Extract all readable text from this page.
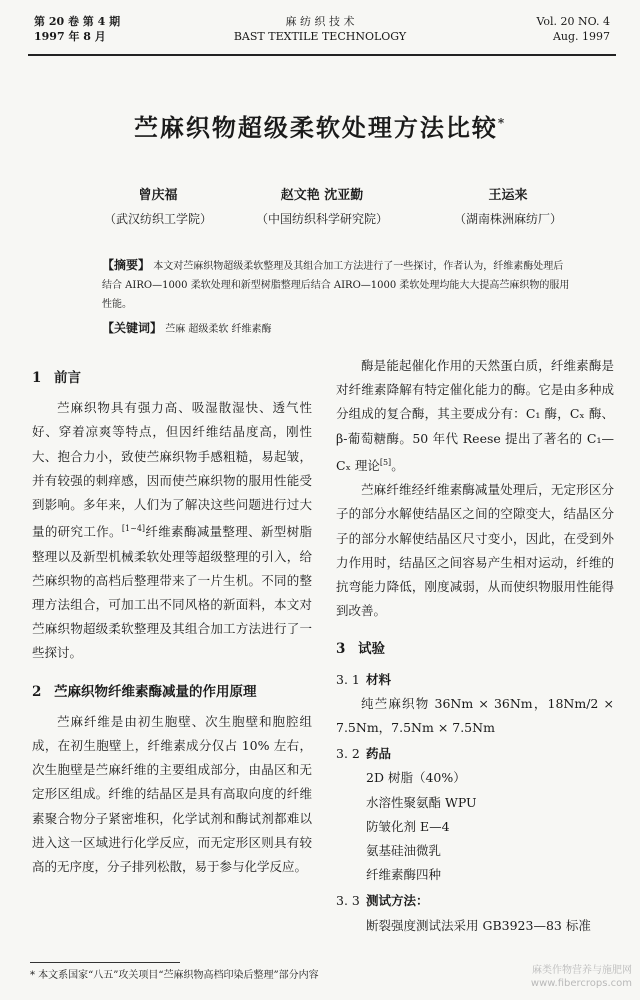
第 20 卷 第 4 期
1997 年 8 月
麻 纺 织 技 术
BAST TEXTILE TECHNOLOGY
Vol. 20 NO. 4
Aug. 1997
苎麻织物超级柔软处理方法比较*
曾庆福
（武汉纺织工学院）
赵文艳 沈亚勤
（中国纺织科学研究院）
王运来
（湖南株洲麻纺厂）
【摘要】 本文对苎麻织物超级柔软整理及其组合加工方法进行了一些探讨，作者认为，纤维素酶处理后结合 AIRO—1000 柔软处理和新型树脂整理后结合 AIRO—1000 柔软处理均能大大提高苎麻织物的服用性能。
【关键词】 苎麻 超级柔软 纤维素酶
1 前言

苎麻织物具有强力高、吸湿散湿快、透气性好、穿着凉爽等特点，但因纤维结晶度高，刚性大、抱合力小，致使苎麻织物手感粗糙，易起皱，并有较强的刺痒感，因而使苎麻织物的服用性能受到影响。多年来，人们为了解决这些问题进行过大量的研究工作。[1~4]纤维素酶减量整理、新型树脂整理以及新型机械柔软处理等超级整理的引入，给苎麻织物的高档后整理带来了一片生机。不同的整理方法组合，可加工出不同风格的新面料，本文对苎麻织物超级柔软整理及其组合加工方法进行了一些探讨。

2 苎麻织物纤维素酶减量的作用原理

苎麻纤维是由初生胞壁、次生胞壁和胞腔组成，在初生胞壁上，纤维素成分仅占 10% 左右，次生胞壁是苎麻纤维的主要组成部分，由晶区和无定形区组成。纤维的结晶区是具有高取向度的纤维素聚合物分子紧密堆积，化学试剂和酶试剂都难以进入这一区域进行化学反应，而无定形区则具有较高的无序度，分子排列松散，易于参与化学反应。

酶是能起催化作用的天然蛋白质，纤维素酶是对纤维素降解有特定催化能力的酶。它是由多种成分组成的复合酶，其主要成分有：C₁ 酶，Cₓ 酶、β-葡萄糖酶。50 年代 Reese 提出了著名的 C₁—Cₓ 理论[5]。

苎麻纤维经纤维素酶减量处理后，无定形区分子的部分水解使结晶区之间的空隙变大，结晶区分子的部分水解使结晶区尺寸变小，因此，在受到外力作用时，结晶区之间容易产生相对运动，纤维的抗弯能力降低，刚度减弱，从而使织物服用性能得到改善。

3 试验
3. 1 材料

纯苎麻织物 36Nm × 36Nm，18Nm/2 × 7.5Nm，7.5Nm × 7.5Nm

3. 2 药品
2D 树脂（40%）
水溶性聚氨酯 WPU
防皱化剂 E—4
氨基硅油微乳
纤维素酶四种
3. 3 测试方法：
断裂强度测试法采用 GB3923—83 标准
* 本文系国家“八五”攻关项目“苎麻织物高档印染后整理”部分内容	麻类作物营养与施肥网
www.fibercrops.com
